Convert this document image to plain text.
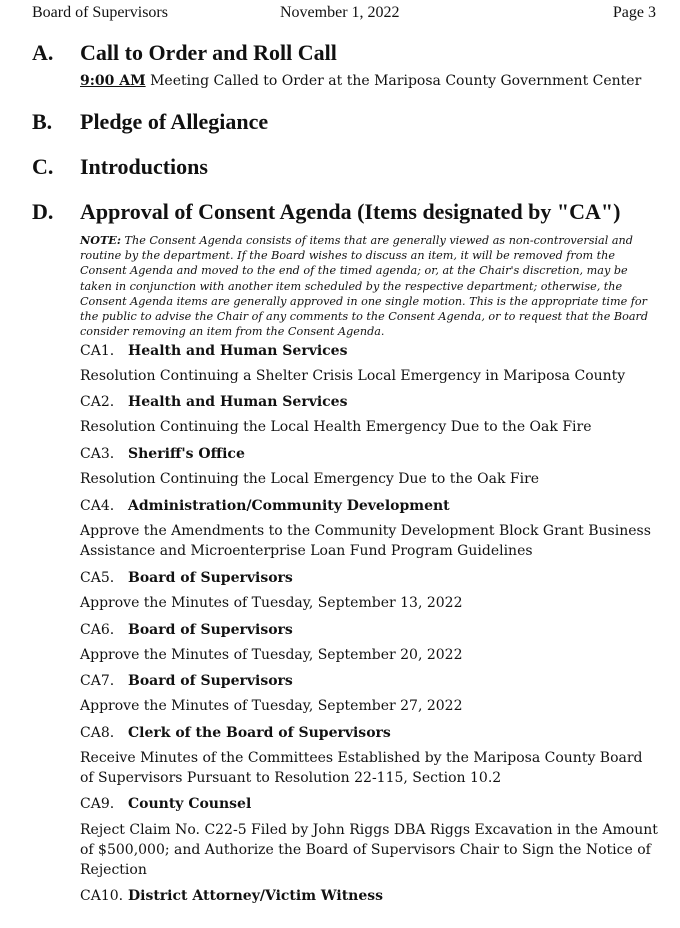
Board of Supervisors	November 1, 2022	Page 3
A.	Call to Order and Roll Call
9:00 AM Meeting Called to Order at the Mariposa County Government Center
B.	Pledge of Allegiance
C.	Introductions
D.	Approval of Consent Agenda (Items designated by "CA")
NOTE: The Consent Agenda consists of items that are generally viewed as non-controversial and routine by the department. If the Board wishes to discuss an item, it will be removed from the Consent Agenda and moved to the end of the timed agenda; or, at the Chair's discretion, may be taken in conjunction with another item scheduled by the respective department; otherwise, the Consent Agenda items are generally approved in one single motion. This is the appropriate time for the public to advise the Chair of any comments to the Consent Agenda, or to request that the Board consider removing an item from the Consent Agenda.
CA1. Health and Human Services
Resolution Continuing a Shelter Crisis Local Emergency in Mariposa County
CA2. Health and Human Services
Resolution Continuing the Local Health Emergency Due to the Oak Fire
CA3. Sheriff's Office
Resolution Continuing the Local Emergency Due to the Oak Fire
CA4. Administration/Community Development
Approve the Amendments to the Community Development Block Grant Business Assistance and Microenterprise Loan Fund Program Guidelines
CA5. Board of Supervisors
Approve the Minutes of Tuesday, September 13, 2022
CA6. Board of Supervisors
Approve the Minutes of Tuesday, September 20, 2022
CA7. Board of Supervisors
Approve the Minutes of Tuesday, September 27, 2022
CA8. Clerk of the Board of Supervisors
Receive Minutes of the Committees Established by the Mariposa County Board of Supervisors Pursuant to Resolution 22-115, Section 10.2
CA9. County Counsel
Reject Claim No. C22-5 Filed by John Riggs DBA Riggs Excavation in the Amount of $500,000; and Authorize the Board of Supervisors Chair to Sign the Notice of Rejection
CA10. District Attorney/Victim Witness
